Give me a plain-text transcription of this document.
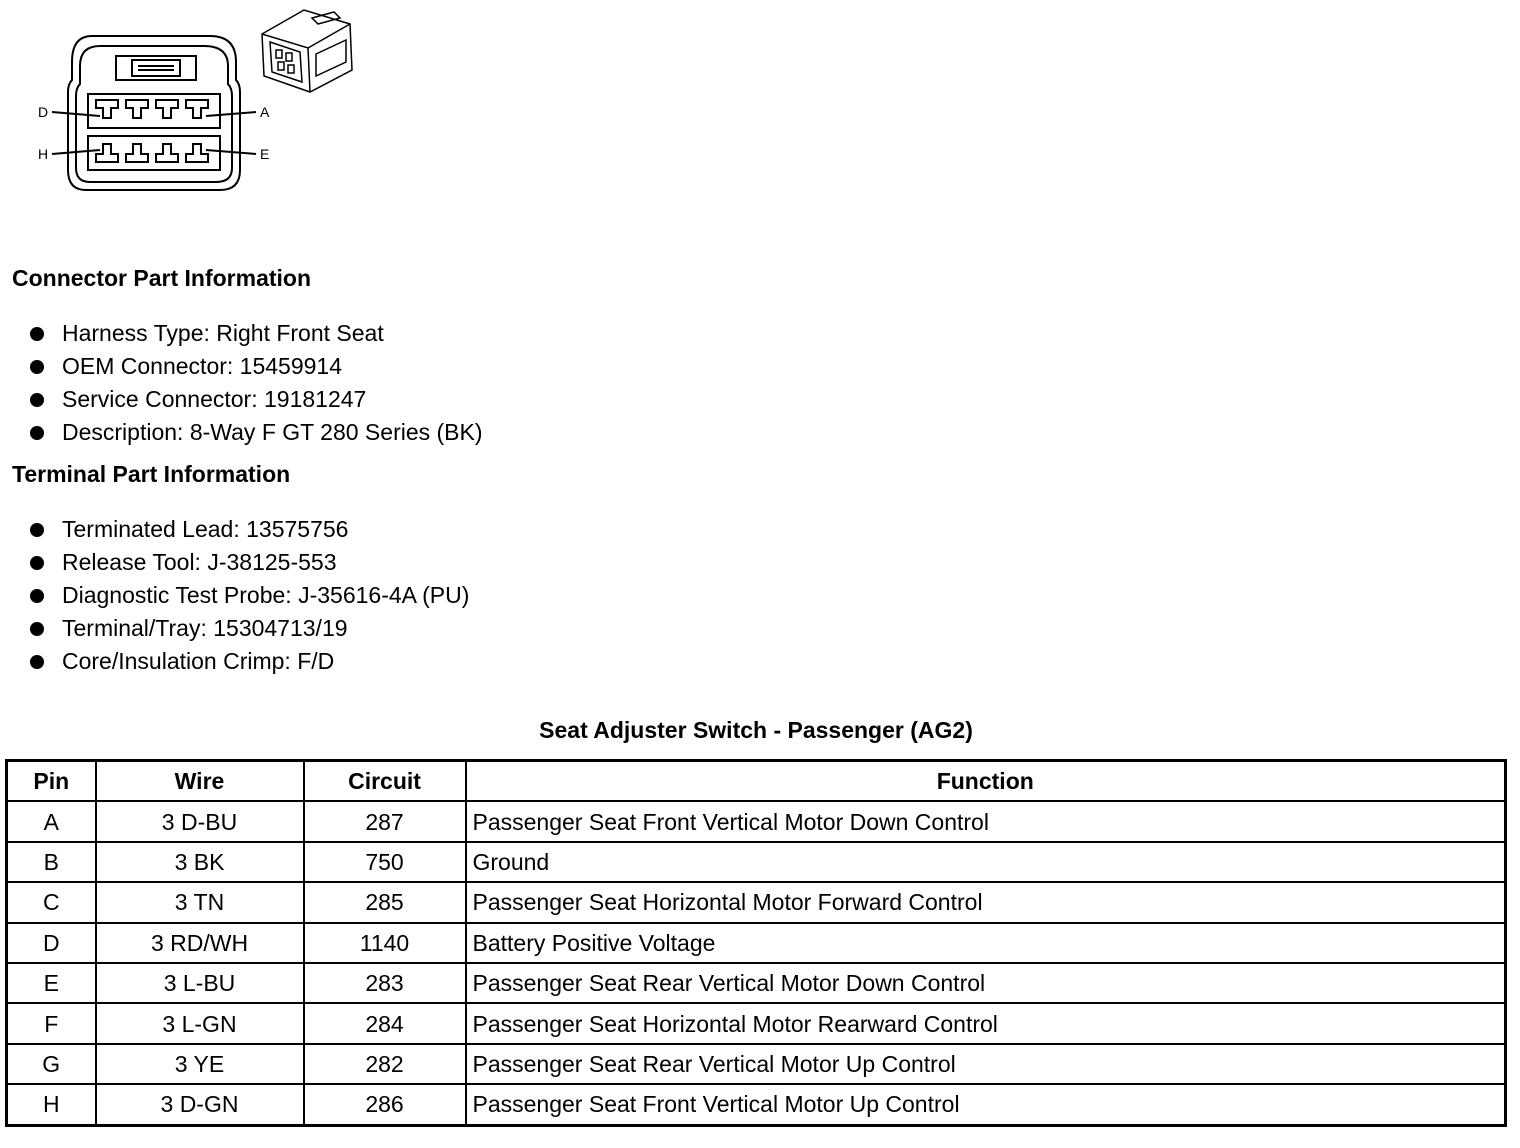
D	A
H	E
Connector Part Information
Harness Type: Right Front Seat
OEM Connector: 15459914
Service Connector: 19181247
Description: 8-Way F GT 280 Series (BK)
Terminal Part Information
Terminated Lead: 13575756
Release Tool: J-38125-553
Diagnostic Test Probe: J-35616-4A (PU)
Terminal/Tray: 15304713/19
Core/Insulation Crimp: F/D
Seat Adjuster Switch - Passenger (AG2)
Pin	Wire	Circuit	Function
A	3 D-BU	287	Passenger Seat Front Vertical Motor Down Control
B	3 BK	750	Ground
C	3 TN	285	Passenger Seat Horizontal Motor Forward Control
D	3 RD/WH	1140	Battery Positive Voltage
E	3 L-BU	283	Passenger Seat Rear Vertical Motor Down Control
F	3 L-GN	284	Passenger Seat Horizontal Motor Rearward Control
G	3 YE	282	Passenger Seat Rear Vertical Motor Up Control
H	3 D-GN	286	Passenger Seat Front Vertical Motor Up Control
